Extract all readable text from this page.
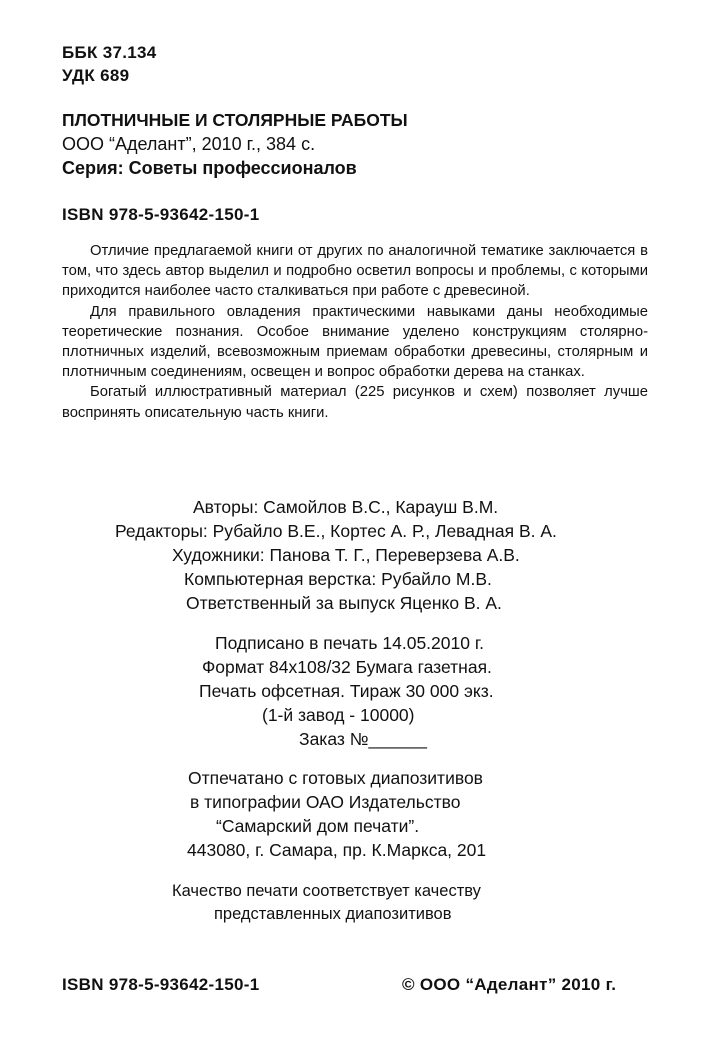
ББК 37.134
УДК 689
ПЛОТНИЧНЫЕ И СТОЛЯРНЫЕ РАБОТЫ
ООО “Аделант”, 2010 г., 384 с.
Серия: Советы профессионалов
ISBN 978-5-93642-150-1

Отличие предлагаемой книги от других по аналогичной тематике заключается в том, что здесь автор выделил и подробно осветил вопросы и проблемы, с которыми приходится наиболее часто сталкиваться при работе с древесиной.

Для правильного овладения практическими навыками даны необходимые теоретические познания. Особое внимание уделено конструкциям столярно-плотничных изделий, всевозможным приемам обработки древесины, столярным и плотничным соединениям, освещен и вопрос обработки дерева на станках.

Богатый иллюстративный материал (225 рисунков и схем) позволяет лучше воспринять описательную часть книги.

Авторы: Самойлов В.С., Карауш В.М.
Редакторы: Рубайло В.Е., Кортес А. Р., Левадная В. А.
Художники: Панова Т. Г., Переверзева А.В.
Компьютерная верстка: Рубайло М.В.
Ответственный за выпуск Яценко В. А.
Подписано в печать 14.05.2010 г.
Формат 84х108/32 Бумага газетная.
Печать офсетная. Тираж 30 000 экз.
(1-й завод - 10000)
Заказ №______
Отпечатано с готовых диапозитивов
в типографии ОАО Издательство
“Самарский дом печати”.
443080, г. Самара, пр. К.Маркса, 201
Качество печати соответствует качеству
представленных диапозитивов
ISBN 978-5-93642-150-1	© ООО “Аделант” 2010 г.
